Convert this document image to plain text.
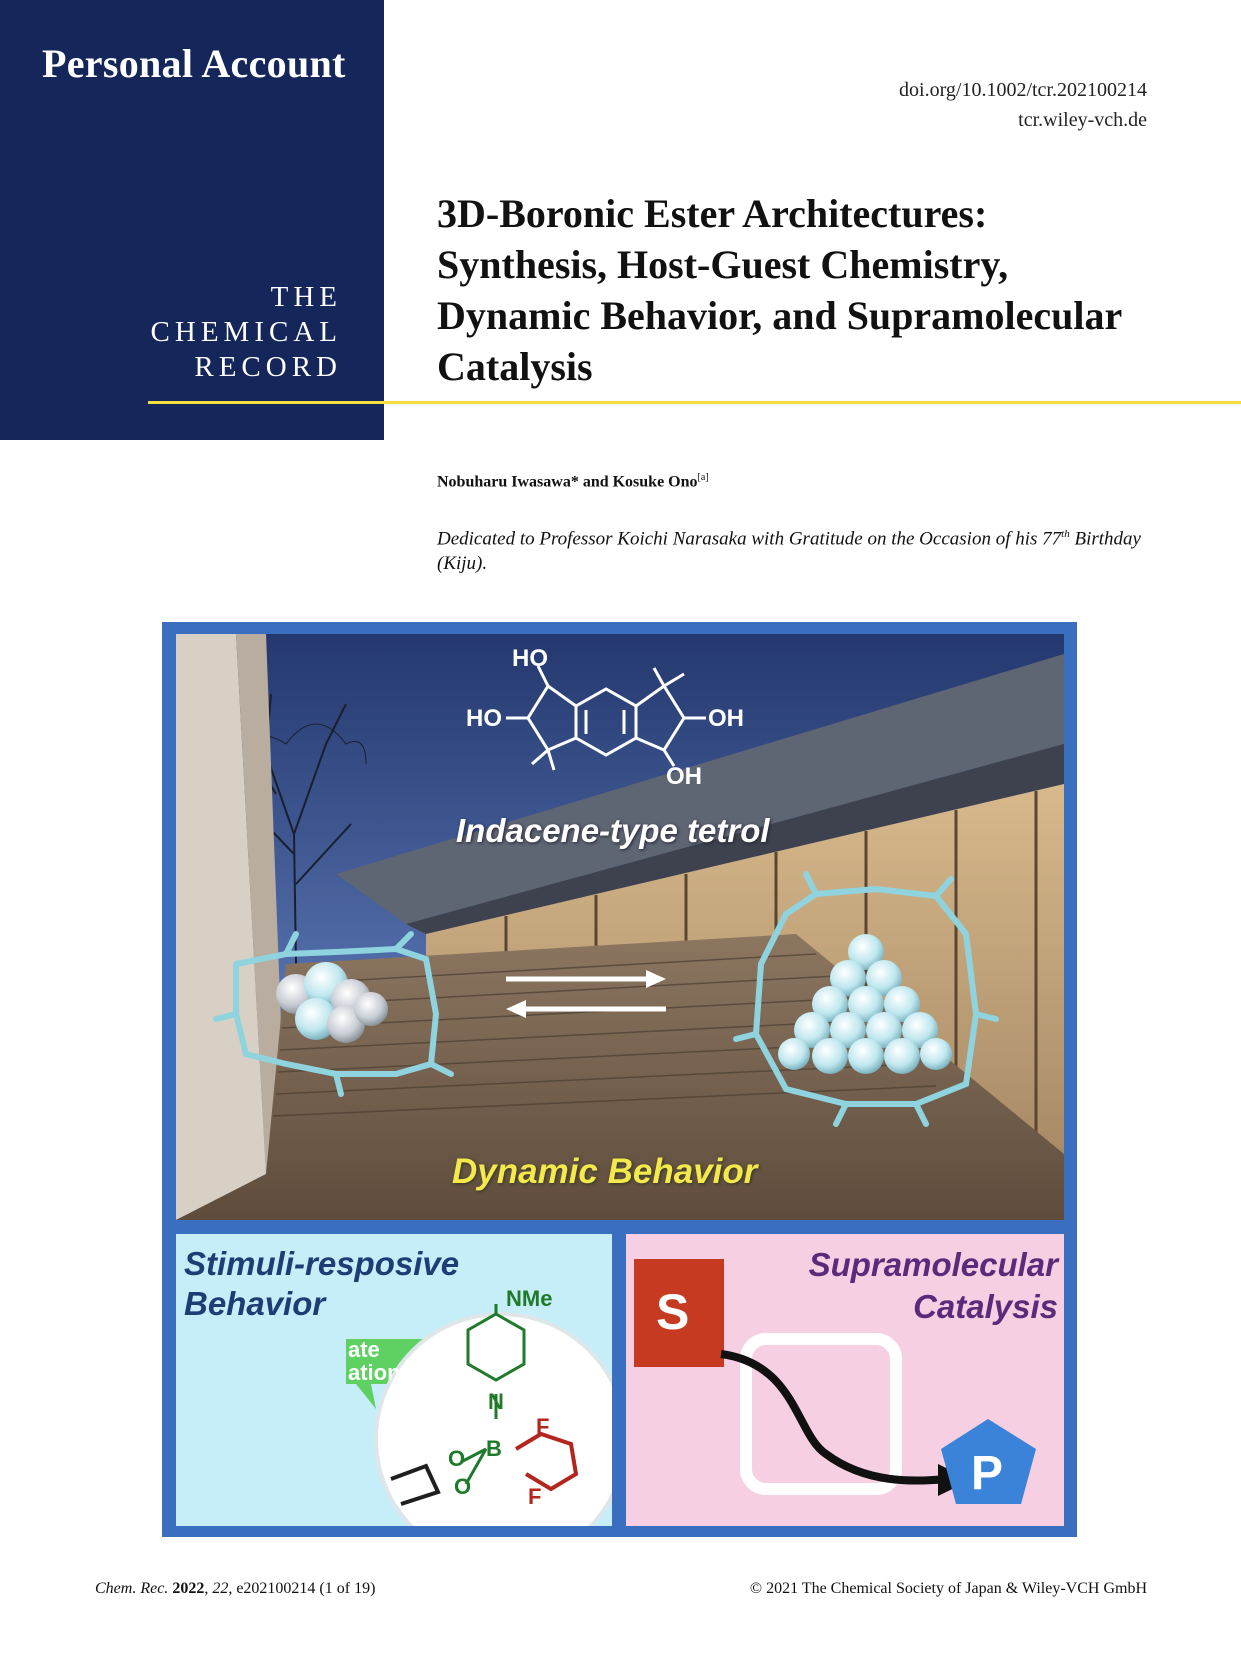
Personal Account
THE
CHEMICAL
RECORD
doi.org/10.1002/tcr.202100214
tcr.wiley-vch.de
3D-Boronic Ester Architectures:
Synthesis, Host-Guest Chemistry,
Dynamic Behavior, and Supramolecular
Catalysis
Nobuharu Iwasawa* and Kosuke Ono[a]
Dedicated to Professor Koichi Narasaka with Gratitude on the Occasion of his 77th Birthday (Kiju).
HO
HO	OH
OH
Indacene-type tetrol
Dynamic Behavior
NMe
ate
ation
N
B
O
O
F
F
Stimuli-resposive
Behavior	S
P
Supramolecular
Catalysis
Chem. Rec. 2022, 22, e202100214 (1 of 19)	© 2021 The Chemical Society of Japan & Wiley-VCH GmbH
